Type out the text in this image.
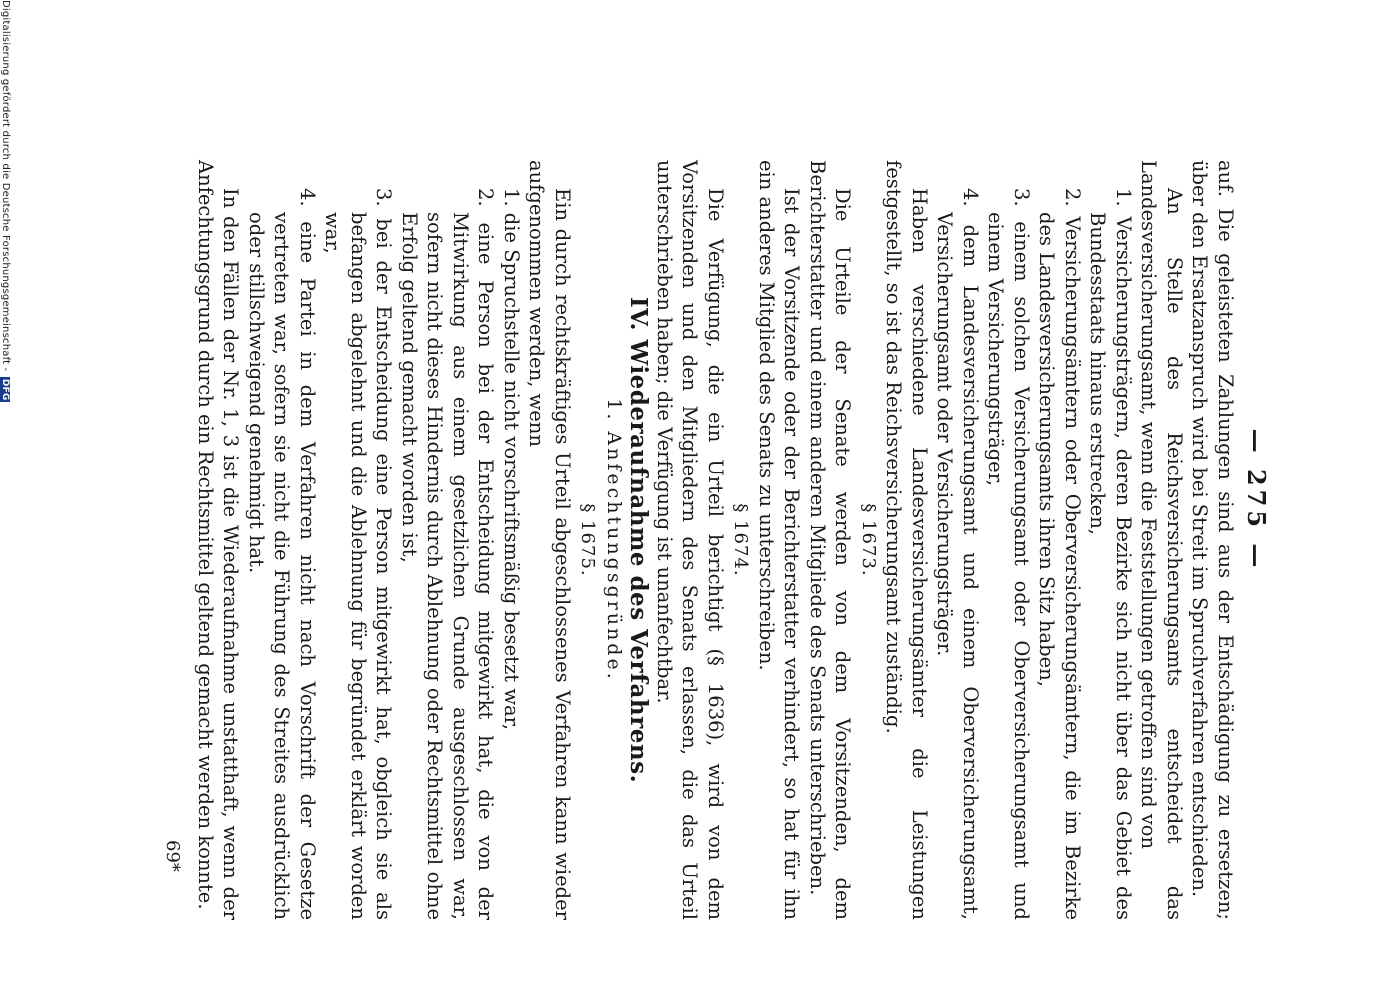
— 275 —

auf. Die geleisteten Zahlungen sind aus der Entschädigung zu ersetzen; über den Ersatzanspruch wird bei Streit im Spruchverfahren entschieden.

An Stelle des Reichsversicherungsamts entscheidet das Landesversicherungsamt, wenn die Feststellungen getroffen sind von

1. Versicherungsträgern, deren Bezirke sich nicht über das Gebiet des Bundesstaats hinaus erstrecken,

2. Versicherungsämtern oder Oberversicherungsämtern, die im Bezirke des Landesversicherungsamts ihren Sitz haben,

3. einem solchen Versicherungsamt oder Oberversicherungsamt und einem Versicherungsträger,

4. dem Landesversicherungsamt und einem Oberversicherungsamt, Versicherungsamt oder Versicherungsträger.

Haben verschiedene Landesversicherungsämter die Leistungen festgestellt, so ist das Reichsversicherungsamt zuständig.

§ 1673.

Die Urteile der Senate werden von dem Vorsitzenden, dem Berichterstatter und einem anderen Mitgliede des Senats unterschrieben.

Ist der Vorsitzende oder der Berichterstatter verhindert, so hat für ihn ein anderes Mitglied des Senats zu unterschreiben.

§ 1674.

Die Verfügung, die ein Urteil berichtigt (§ 1636), wird von dem Vorsitzenden und den Mitgliedern des Senats erlassen, die das Urteil unterschrieben haben; die Verfügung ist unanfechtbar.

IV. Wiederaufnahme des Verfahrens.

1. Anfechtungsgründe.

§ 1675.

Ein durch rechtskräftiges Urteil abgeschlossenes Verfahren kann wieder aufgenommen werden, wenn

1. die Spruchstelle nicht vorschriftsmäßig besetzt war,

2. eine Person bei der Entscheidung mitgewirkt hat, die von der Mitwirkung aus einem gesetzlichen Grunde ausgeschlossen war, sofern nicht dieses Hindernis durch Ablehnung oder Rechtsmittel ohne Erfolg geltend gemacht worden ist,

3. bei der Entscheidung eine Person mitgewirkt hat, obgleich sie als befangen abgelehnt und die Ablehnung für begründet erklärt worden war,

4. eine Partei in dem Verfahren nicht nach Vorschrift der Gesetze vertreten war, sofern sie nicht die Führung des Streites ausdrücklich oder stillschweigend genehmigt hat.

In den Fällen der Nr. 1, 3 ist die Wiederaufnahme unstatthaft, wenn der Anfechtungsgrund durch ein Rechtsmittel geltend gemacht werden konnte.

69*
Digitalisierung gefördert durch die Deutsche Forschungsgemeinschaft - DFG
